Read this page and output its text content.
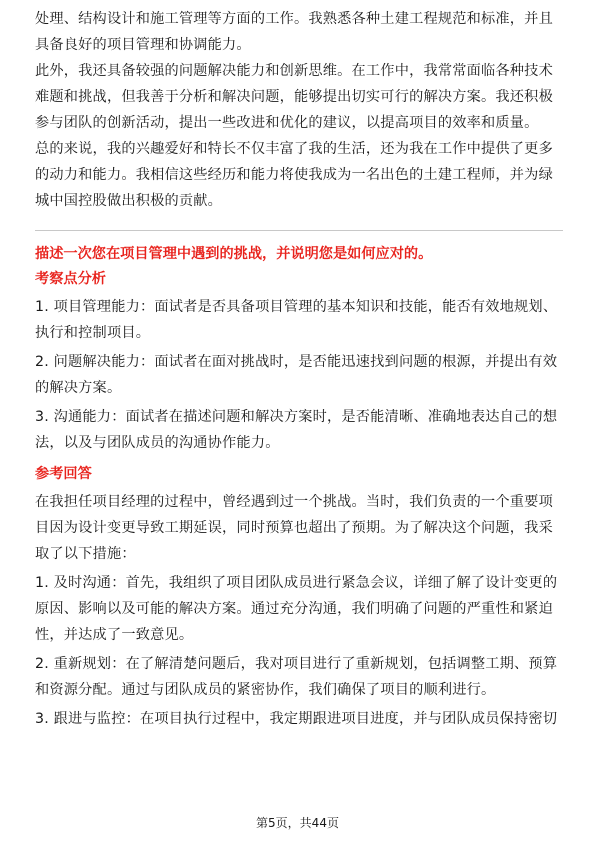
处理、结构设计和施工管理等方面的工作。我熟悉各种土建工程规范和标准，并且
具备良好的项目管理和协调能力。
此外，我还具备较强的问题解决能力和创新思维。在工作中，我常常面临各种技术
难题和挑战，但我善于分析和解决问题，能够提出切实可行的解决方案。我还积极
参与团队的创新活动，提出一些改进和优化的建议，以提高项目的效率和质量。
总的来说，我的兴趣爱好和特长不仅丰富了我的生活，还为我在工作中提供了更多
的动力和能力。我相信这些经历和能力将使我成为一名出色的土建工程师，并为绿
城中国控股做出积极的贡献。
描述一次您在项目管理中遇到的挑战，并说明您是如何应对的。
考察点分析
1. 项目管理能力：面试者是否具备项目管理的基本知识和技能，能否有效地规划、
执行和控制项目。
2. 问题解决能力：面试者在面对挑战时，是否能迅速找到问题的根源，并提出有效
的解决方案。
3. 沟通能力：面试者在描述问题和解决方案时，是否能清晰、准确地表达自己的想
法，以及与团队成员的沟通协作能力。
参考回答
在我担任项目经理的过程中，曾经遇到过一个挑战。当时，我们负责的一个重要项
目因为设计变更导致工期延误，同时预算也超出了预期。为了解决这个问题，我采
取了以下措施：
1. 及时沟通：首先，我组织了项目团队成员进行紧急会议，详细了解了设计变更的
原因、影响以及可能的解决方案。通过充分沟通，我们明确了问题的严重性和紧迫
性，并达成了一致意见。
2. 重新规划：在了解清楚问题后，我对项目进行了重新规划，包括调整工期、预算
和资源分配。通过与团队成员的紧密协作，我们确保了项目的顺利进行。
3. 跟进与监控：在项目执行过程中，我定期跟进项目进度，并与团队成员保持密切
第5页，共44页
